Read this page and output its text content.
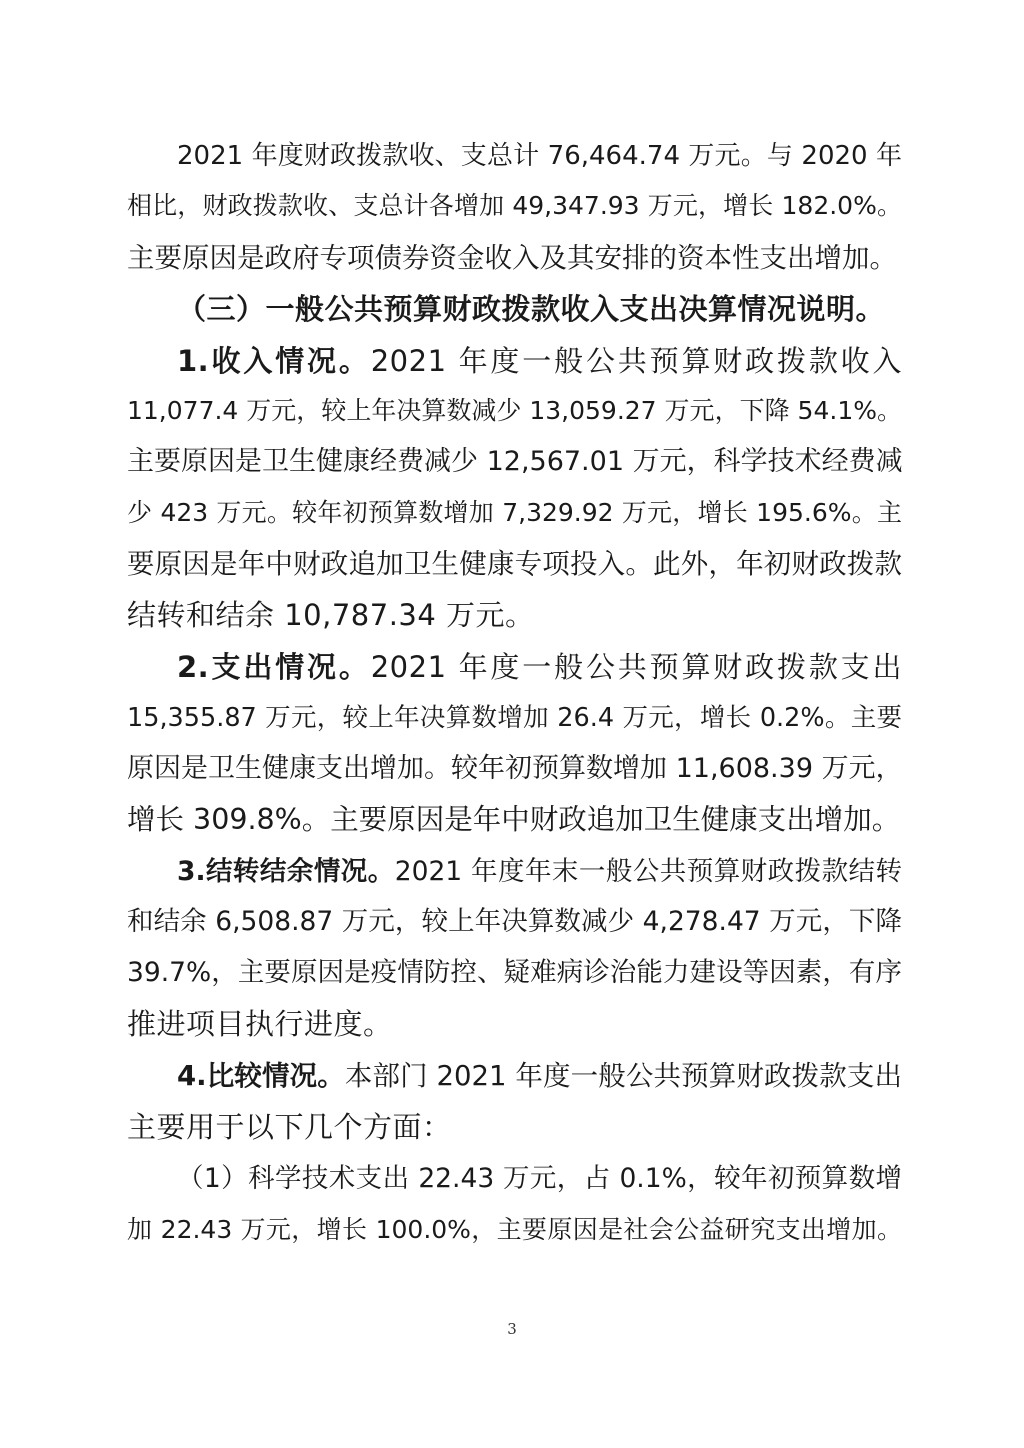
2021 年度财政拨款收、支总计 76,464.74 万元。与 2020 年
相比，财政拨款收、支总计各增加 49,347.93 万元，增长 182.0%。
主要原因是政府专项债券资金收入及其安排的资本性支出增加。
（三）一般公共预算财政拨款收入支出决算情况说明。
1.收入情况。2021 年度一般公共预算财政拨款收入
11,077.4 万元，较上年决算数减少 13,059.27 万元，下降 54.1%。
主要原因是卫生健康经费减少 12,567.01 万元，科学技术经费减
少 423 万元。较年初预算数增加 7,329.92 万元，增长 195.6%。主
要原因是年中财政追加卫生健康专项投入。此外，年初财政拨款
结转和结余 10,787.34 万元。
2.支出情况。2021 年度一般公共预算财政拨款支出
15,355.87 万元，较上年决算数增加 26.4 万元，增长 0.2%。主要
原因是卫生健康支出增加。较年初预算数增加 11,608.39 万元，
增长 309.8%。主要原因是年中财政追加卫生健康支出增加。
3.结转结余情况。2021 年度年末一般公共预算财政拨款结转
和结余 6,508.87 万元，较上年决算数减少 4,278.47 万元，下降
39.7%，主要原因是疫情防控、疑难病诊治能力建设等因素，有序
推进项目执行进度。
4.比较情况。本部门 2021 年度一般公共预算财政拨款支出
主要用于以下几个方面：
（1）科学技术支出 22.43 万元，占 0.1%，较年初预算数增
加 22.43 万元，增长 100.0%，主要原因是社会公益研究支出增加。
3
